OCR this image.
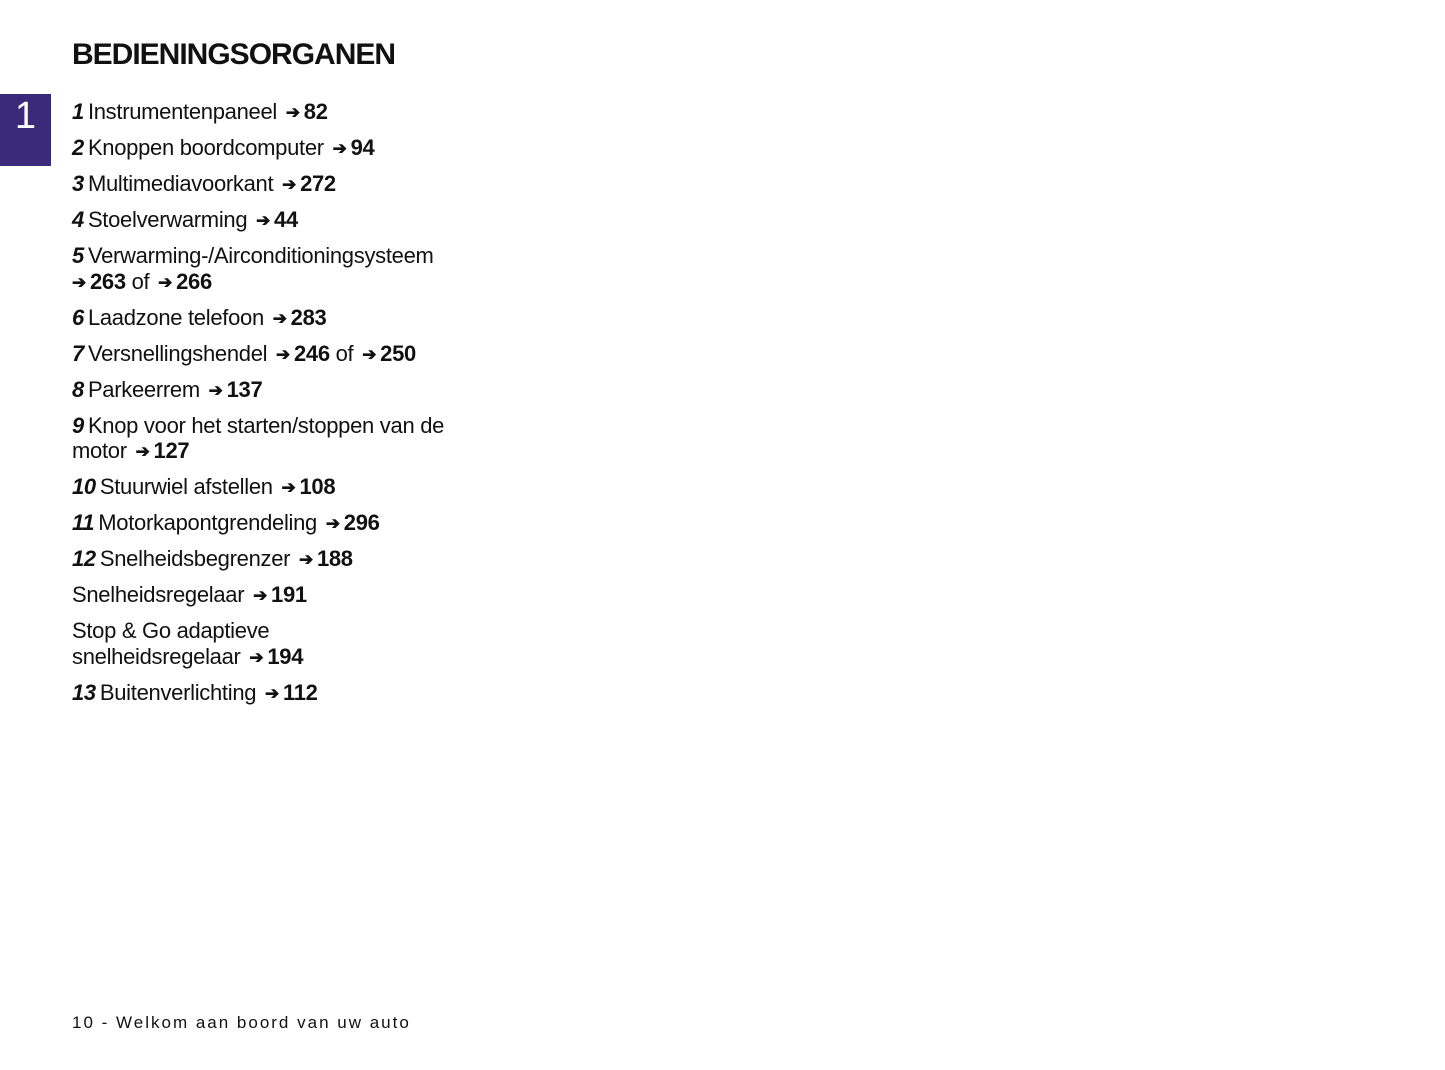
1
BEDIENINGSORGANEN
1 Instrumentenpaneel ➔ 82
2 Knoppen boordcomputer ➔ 94
3 Multimediavoorkant ➔ 272
4 Stoelverwarming ➔ 44
5 Verwarming-/Airconditioningsysteem
➔ 263 of ➔ 266
6 Laadzone telefoon ➔ 283
7 Versnellingshendel ➔ 246 of ➔ 250
8 Parkeerrem ➔ 137
9 Knop voor het starten/stoppen van de motor ➔ 127
10 Stuurwiel afstellen ➔ 108
11 Motorkapontgrendeling ➔ 296
12 Snelheidsbegrenzer ➔ 188
Snelheidsregelaar ➔ 191
Stop & Go adaptieve snelheidsregelaar ➔ 194
13 Buitenverlichting ➔ 112
10 - Welkom aan boord van uw auto
